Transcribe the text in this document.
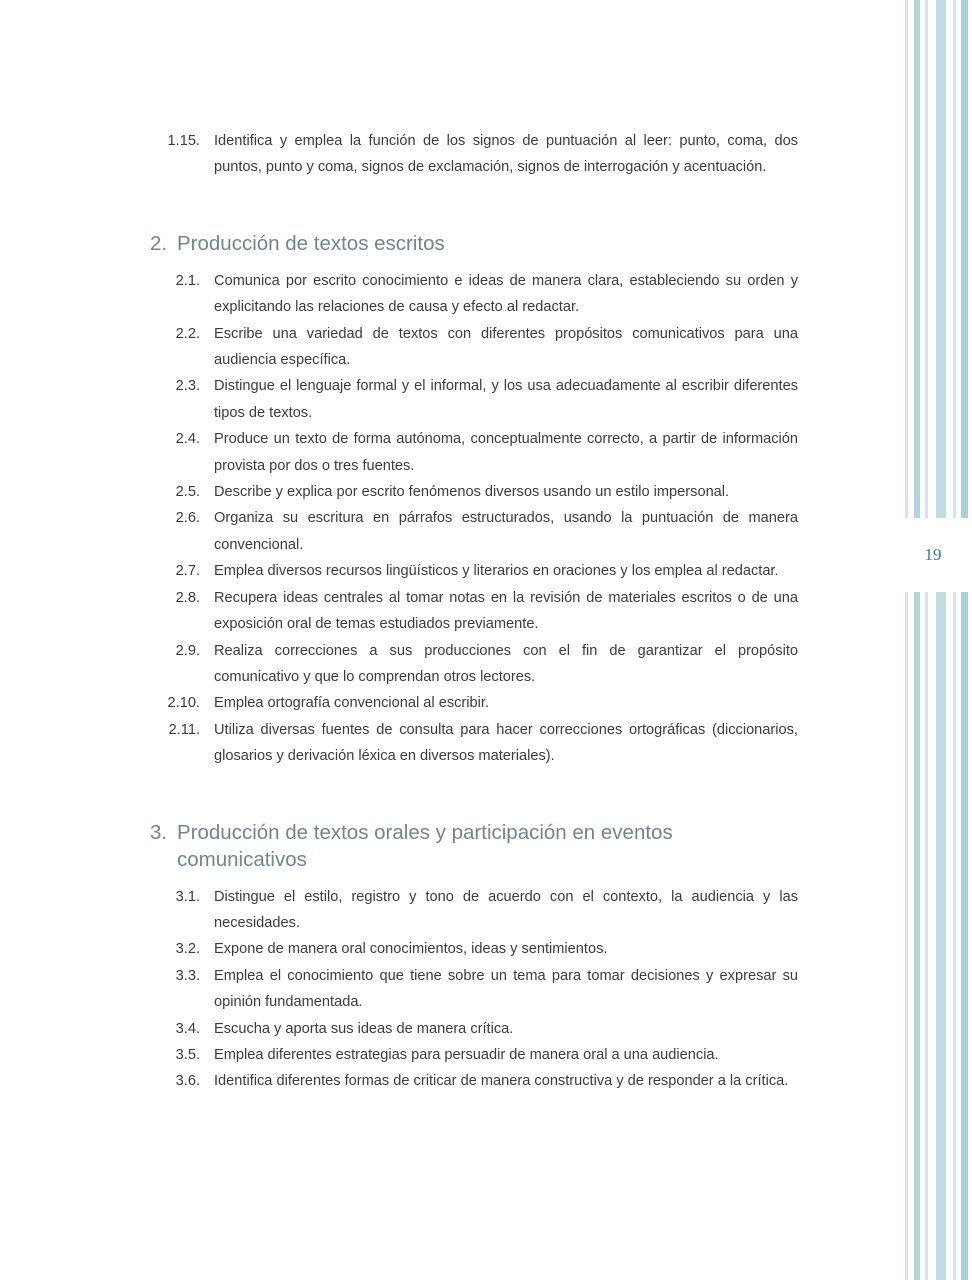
1.15. Identifica y emplea la función de los signos de puntuación al leer: punto, coma, dos puntos, punto y coma, signos de exclamación, signos de interrogación y acentuación.
2. Producción de textos escritos
2.1. Comunica por escrito conocimiento e ideas de manera clara, estableciendo su orden y explicitando las relaciones de causa y efecto al redactar.
2.2. Escribe una variedad de textos con diferentes propósitos comunicativos para una audiencia específica.
2.3. Distingue el lenguaje formal y el informal, y los usa adecuadamente al escribir diferentes tipos de textos.
2.4. Produce un texto de forma autónoma, conceptualmente correcto, a partir de información provista por dos o tres fuentes.
2.5. Describe y explica por escrito fenómenos diversos usando un estilo impersonal.
2.6. Organiza su escritura en párrafos estructurados, usando la puntuación de manera convencional.
2.7. Emplea diversos recursos lingüísticos y literarios en oraciones y los emplea al redactar.
2.8. Recupera ideas centrales al tomar notas en la revisión de materiales escritos o de una exposición oral de temas estudiados previamente.
2.9. Realiza correcciones a sus producciones con el fin de garantizar el propósito comunicativo y que lo comprendan otros lectores.
2.10. Emplea ortografía convencional al escribir.
2.11. Utiliza diversas fuentes de consulta para hacer correcciones ortográficas (diccionarios, glosarios y derivación léxica en diversos materiales).
3. Producción de textos orales y participación en eventos comunicativos
3.1. Distingue el estilo, registro y tono de acuerdo con el contexto, la audiencia y las necesidades.
3.2. Expone de manera oral conocimientos, ideas y sentimientos.
3.3. Emplea el conocimiento que tiene sobre un tema para tomar decisiones y expresar su opinión fundamentada.
3.4. Escucha y aporta sus ideas de manera crítica.
3.5. Emplea diferentes estrategias para persuadir de manera oral a una audiencia.
3.6. Identifica diferentes formas de criticar de manera constructiva y de responder a la crítica.
19
